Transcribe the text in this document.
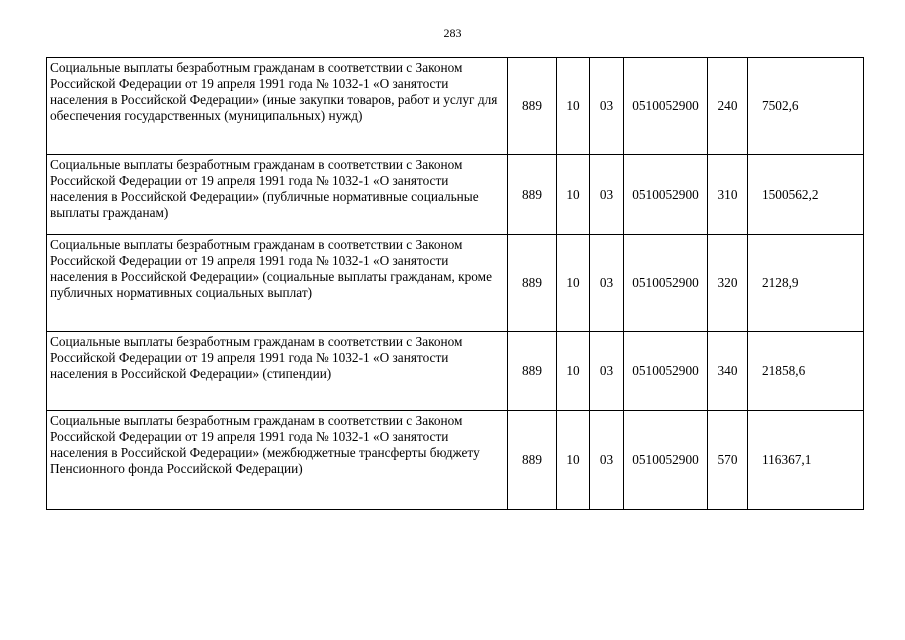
283
Социальные выплаты безработным гражданам в соответствии с Законом Российской Федерации от 19 апреля 1991 года № 1032-1 «О занятости населения в Российской Федерации» (иные закупки товаров, работ и услуг для обеспечения государственных (муниципальных) нужд)	889	10	03	0510052900	240	7502,6
Социальные выплаты безработным гражданам в соответствии с Законом Российской Федерации от 19 апреля 1991 года № 1032-1 «О занятости населения в Российской Федерации» (публичные нормативные социальные выплаты гражданам)	889	10	03	0510052900	310	1500562,2
Социальные выплаты безработным гражданам в соответствии с Законом Российской Федерации от 19 апреля 1991 года № 1032-1 «О занятости населения в Российской Федерации» (социальные выплаты гражданам, кроме публичных нормативных социальных выплат)	889	10	03	0510052900	320	2128,9
Социальные выплаты безработным гражданам в соответствии с Законом Российской Федерации от 19 апреля 1991 года № 1032-1 «О занятости населения в Российской Федерации» (стипендии)	889	10	03	0510052900	340	21858,6
Социальные выплаты безработным гражданам в соответствии с Законом Российской Федерации от 19 апреля 1991 года № 1032-1 «О занятости населения в Российской Федерации» (межбюджетные трансферты бюджету Пенсионного фонда Российской Федерации)	889	10	03	0510052900	570	116367,1
